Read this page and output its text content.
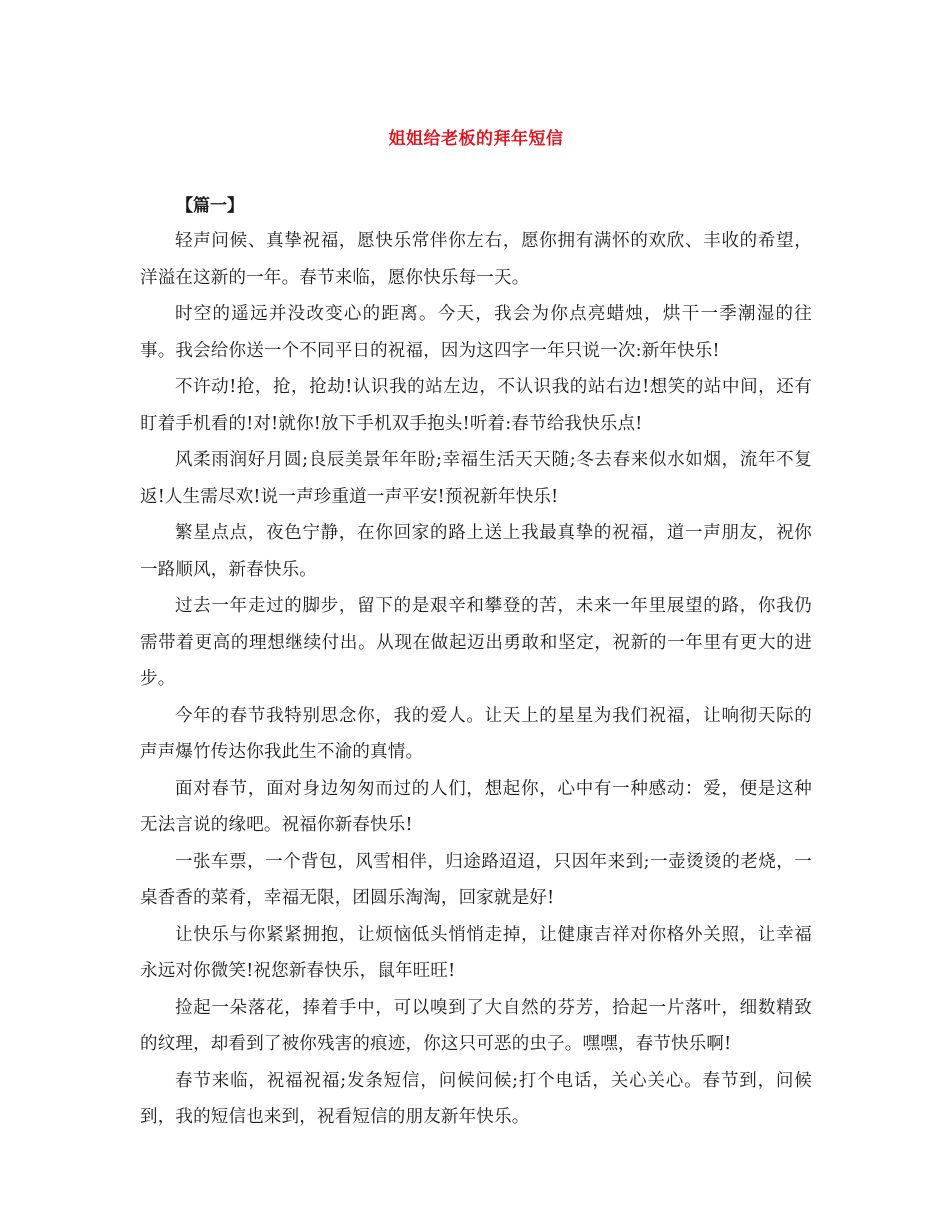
姐姐给老板的拜年短信
【篇一】

轻声问候、真挚祝福，愿快乐常伴你左右，愿你拥有满怀的欢欣、丰收的希望，洋溢在这新的一年。春节来临，愿你快乐每一天。

时空的遥远并没改变心的距离。今天，我会为你点亮蜡烛，烘干一季潮湿的往事。我会给你送一个不同平日的祝福，因为这四字一年只说一次:新年快乐!

不许动!抢，抢，抢劫!认识我的站左边，不认识我的站右边!想笑的站中间，还有盯着手机看的!对!就你!放下手机双手抱头!听着:春节给我快乐点!

风柔雨润好月圆;良辰美景年年盼;幸福生活天天随;冬去春来似水如烟，流年不复返!人生需尽欢!说一声珍重道一声平安!预祝新年快乐!

繁星点点，夜色宁静，在你回家的路上送上我最真挚的祝福，道一声朋友，祝你一路顺风，新春快乐。

过去一年走过的脚步，留下的是艰辛和攀登的苦，未来一年里展望的路，你我仍需带着更高的理想继续付出。从现在做起迈出勇敢和坚定，祝新的一年里有更大的进步。

今年的春节我特别思念你，我的爱人。让天上的星星为我们祝福，让响彻天际的声声爆竹传达你我此生不渝的真情。

面对春节，面对身边匆匆而过的人们，想起你，心中有一种感动：爱，便是这种无法言说的缘吧。祝福你新春快乐!

一张车票，一个背包，风雪相伴，归途路迢迢，只因年来到;一壶烫烫的老烧，一桌香香的菜肴，幸福无限，团圆乐淘淘，回家就是好!

让快乐与你紧紧拥抱，让烦恼低头悄悄走掉，让健康吉祥对你格外关照，让幸福永远对你微笑!祝您新春快乐，鼠年旺旺!

捡起一朵落花，捧着手中，可以嗅到了大自然的芬芳，拾起一片落叶，细数精致的纹理，却看到了被你残害的痕迹，你这只可恶的虫子。嘿嘿，春节快乐啊!

春节来临，祝福祝福;发条短信，问候问候;打个电话，关心关心。春节到，问候到，我的短信也来到，祝看短信的朋友新年快乐。
